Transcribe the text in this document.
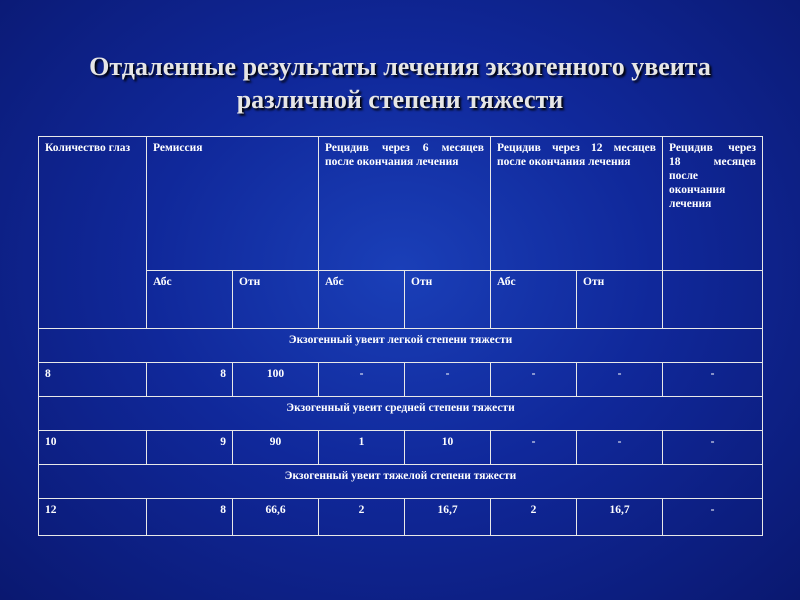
Отдаленные результаты лечения экзогенного увеита
различной степени тяжести
Количество глаз	Ремиссия		Рецидив через 6 месяцев после окончания лечения		Рецидив через 12 месяцев после окончания лечения		Рецидив через 18 месяцев после окончания лечения
	Абс	Отн	Абс	Отн	Абс	Отн	
Экзогенный увеит легкой степени тяжести							
8	8	100	-	-	-	-	-
Экзогенный увеит средней степени тяжести							
10	9	90	1	10	-	-	-
Экзогенный увеит тяжелой степени тяжести							
12	8	66,6	2	16,7	2	16,7	-
